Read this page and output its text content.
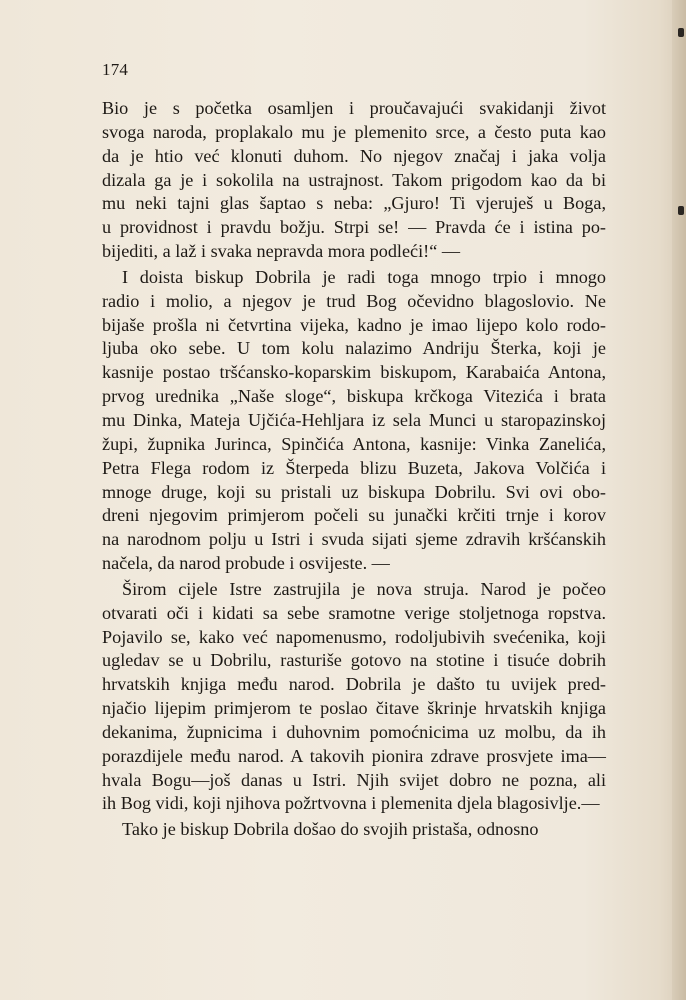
174
Bio je s početka osamljen i proučavajući svakidanji život
svoga naroda, proplakalo mu je plemenito srce, a često puta kao
da je htio već klonuti duhom. No njegov značaj i jaka volja
dizala ga je i sokolila na ustrajnost. Takom prigodom kao da bi
mu neki tajni glas šaptao s neba: „Gjuro! Ti vjeruješ u Boga,
u providnost i pravdu božju. Strpi se! — Pravda će i istina po-
bijediti, a laž i svaka nepravda mora podleći!“ —
I doista biskup Dobrila je radi toga mnogo trpio i mnogo
radio i molio, a njegov je trud Bog očevidno blagoslovio. Ne
bijaše prošla ni četvrtina vijeka, kadno je imao lijepo kolo rodo-
ljuba oko sebe. U tom kolu nalazimo Andriju Šterka, koji je
kasnije postao tršćansko-koparskim biskupom, Karabaića Antona,
prvog urednika „Naše sloge“, biskupa krčkoga Vitezića i brata
mu Dinka, Mateja Ujčića-Hehljara iz sela Munci u staropazinskoj
župi, župnika Jurinca, Spinčića Antona, kasnije: Vinka Zanelića,
Petra Flega rodom iz Šterpeda blizu Buzeta, Jakova Volčića i
mnoge druge, koji su pristali uz biskupa Dobrilu. Svi ovi obo-
dreni njegovim primjerom počeli su junački krčiti trnje i korov
na narodnom polju u Istri i svuda sijati sjeme zdravih kršćanskih
načela, da narod probude i osvijeste. —
Širom cijele Istre zastrujila je nova struja. Narod je počeo
otvarati oči i kidati sa sebe sramotne verige stoljetnoga ropstva.
Pojavilo se, kako već napomenusmo, rodoljubivih svećenika, koji
ugledav se u Dobrilu, rasturiše gotovo na stotine i tisuće dobrih
hrvatskih knjiga među narod. Dobrila je dašto tu uvijek pred-
njačio lijepim primjerom te poslao čitave škrinje hrvatskih knjiga
dekanima, župnicima i duhovnim pomoćnicima uz molbu, da ih
porazdijele među narod. A takovih pionira zdrave prosvjete ima—
hvala Bogu—još danas u Istri. Njih svijet dobro ne pozna, ali
ih Bog vidi, koji njihova požrtvovna i plemenita djela blagosivlje.—
Tako je biskup Dobrila došao do svojih pristaša, odnosno
